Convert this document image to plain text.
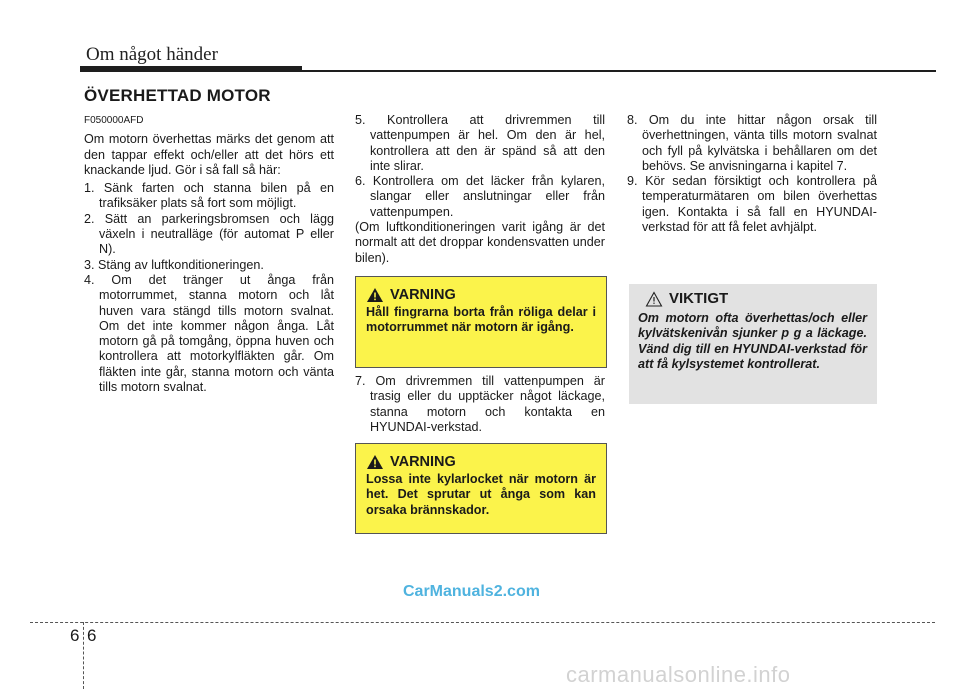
Om något händer
ÖVERHETTAD MOTOR

F050000AFD

Om motorn överhettas märks det genom att den tappar effekt och/eller att det hörs ett knackande ljud. Gör i så fall så här:

1. Sänk farten och stanna bilen på en trafiksäker plats så fort som möjligt.

2. Sätt an parkeringsbromsen och lägg växeln i neutralläge (för automat P eller N).

3. Stäng av luftkonditioneringen.

4. Om det tränger ut ånga från motorrummet, stanna motorn och låt huven vara stängd tills motorn svalnat. Om det inte kommer någon ånga. Låt motorn gå på tomgång, öppna huven och kontrollera att motorkylfläkten går. Om fläkten inte går, stanna motorn och vänta tills motorn svalnat.

5. Kontrollera att drivremmen till vattenpumpen är hel. Om den är hel, kontrollera att den är spänd så att den inte slirar.

6. Kontrollera om det läcker från kylaren, slangar eller anslutningar eller från vattenpumpen.

(Om luftkonditioneringen varit igång är det normalt att det droppar kondensvatten under bilen).

VARNING
Håll fingrarna borta från röliga delar i motorrummet när motorn är igång.

7. Om drivremmen till vattenpumpen är trasig eller du upptäcker något läckage, stanna motorn och kontakta en HYUNDAI-verkstad.

VARNING
Lossa inte kylarlocket när motorn är het. Det sprutar ut ånga som kan orsaka brännskador.

8. Om du inte hittar någon orsak till överhettningen, vänta tills motorn svalnat och fyll på kylvätska i behållaren om det behövs. Se anvisningarna i kapitel 7.

9. Kör sedan försiktigt och kontrollera på temperaturmätaren om bilen överhettas igen. Kontakta i så fall en HYUNDAI-verkstad för att få felet avhjälpt.

VIKTIGT
Om motorn ofta överhettas/och eller kylvätskenivån sjunker p g a läckage. Vänd dig till en HYUNDAI-verkstad för att få kylsystemet kontrollerat.
CarManuals2.com
6 6
carmanualsonline.info
